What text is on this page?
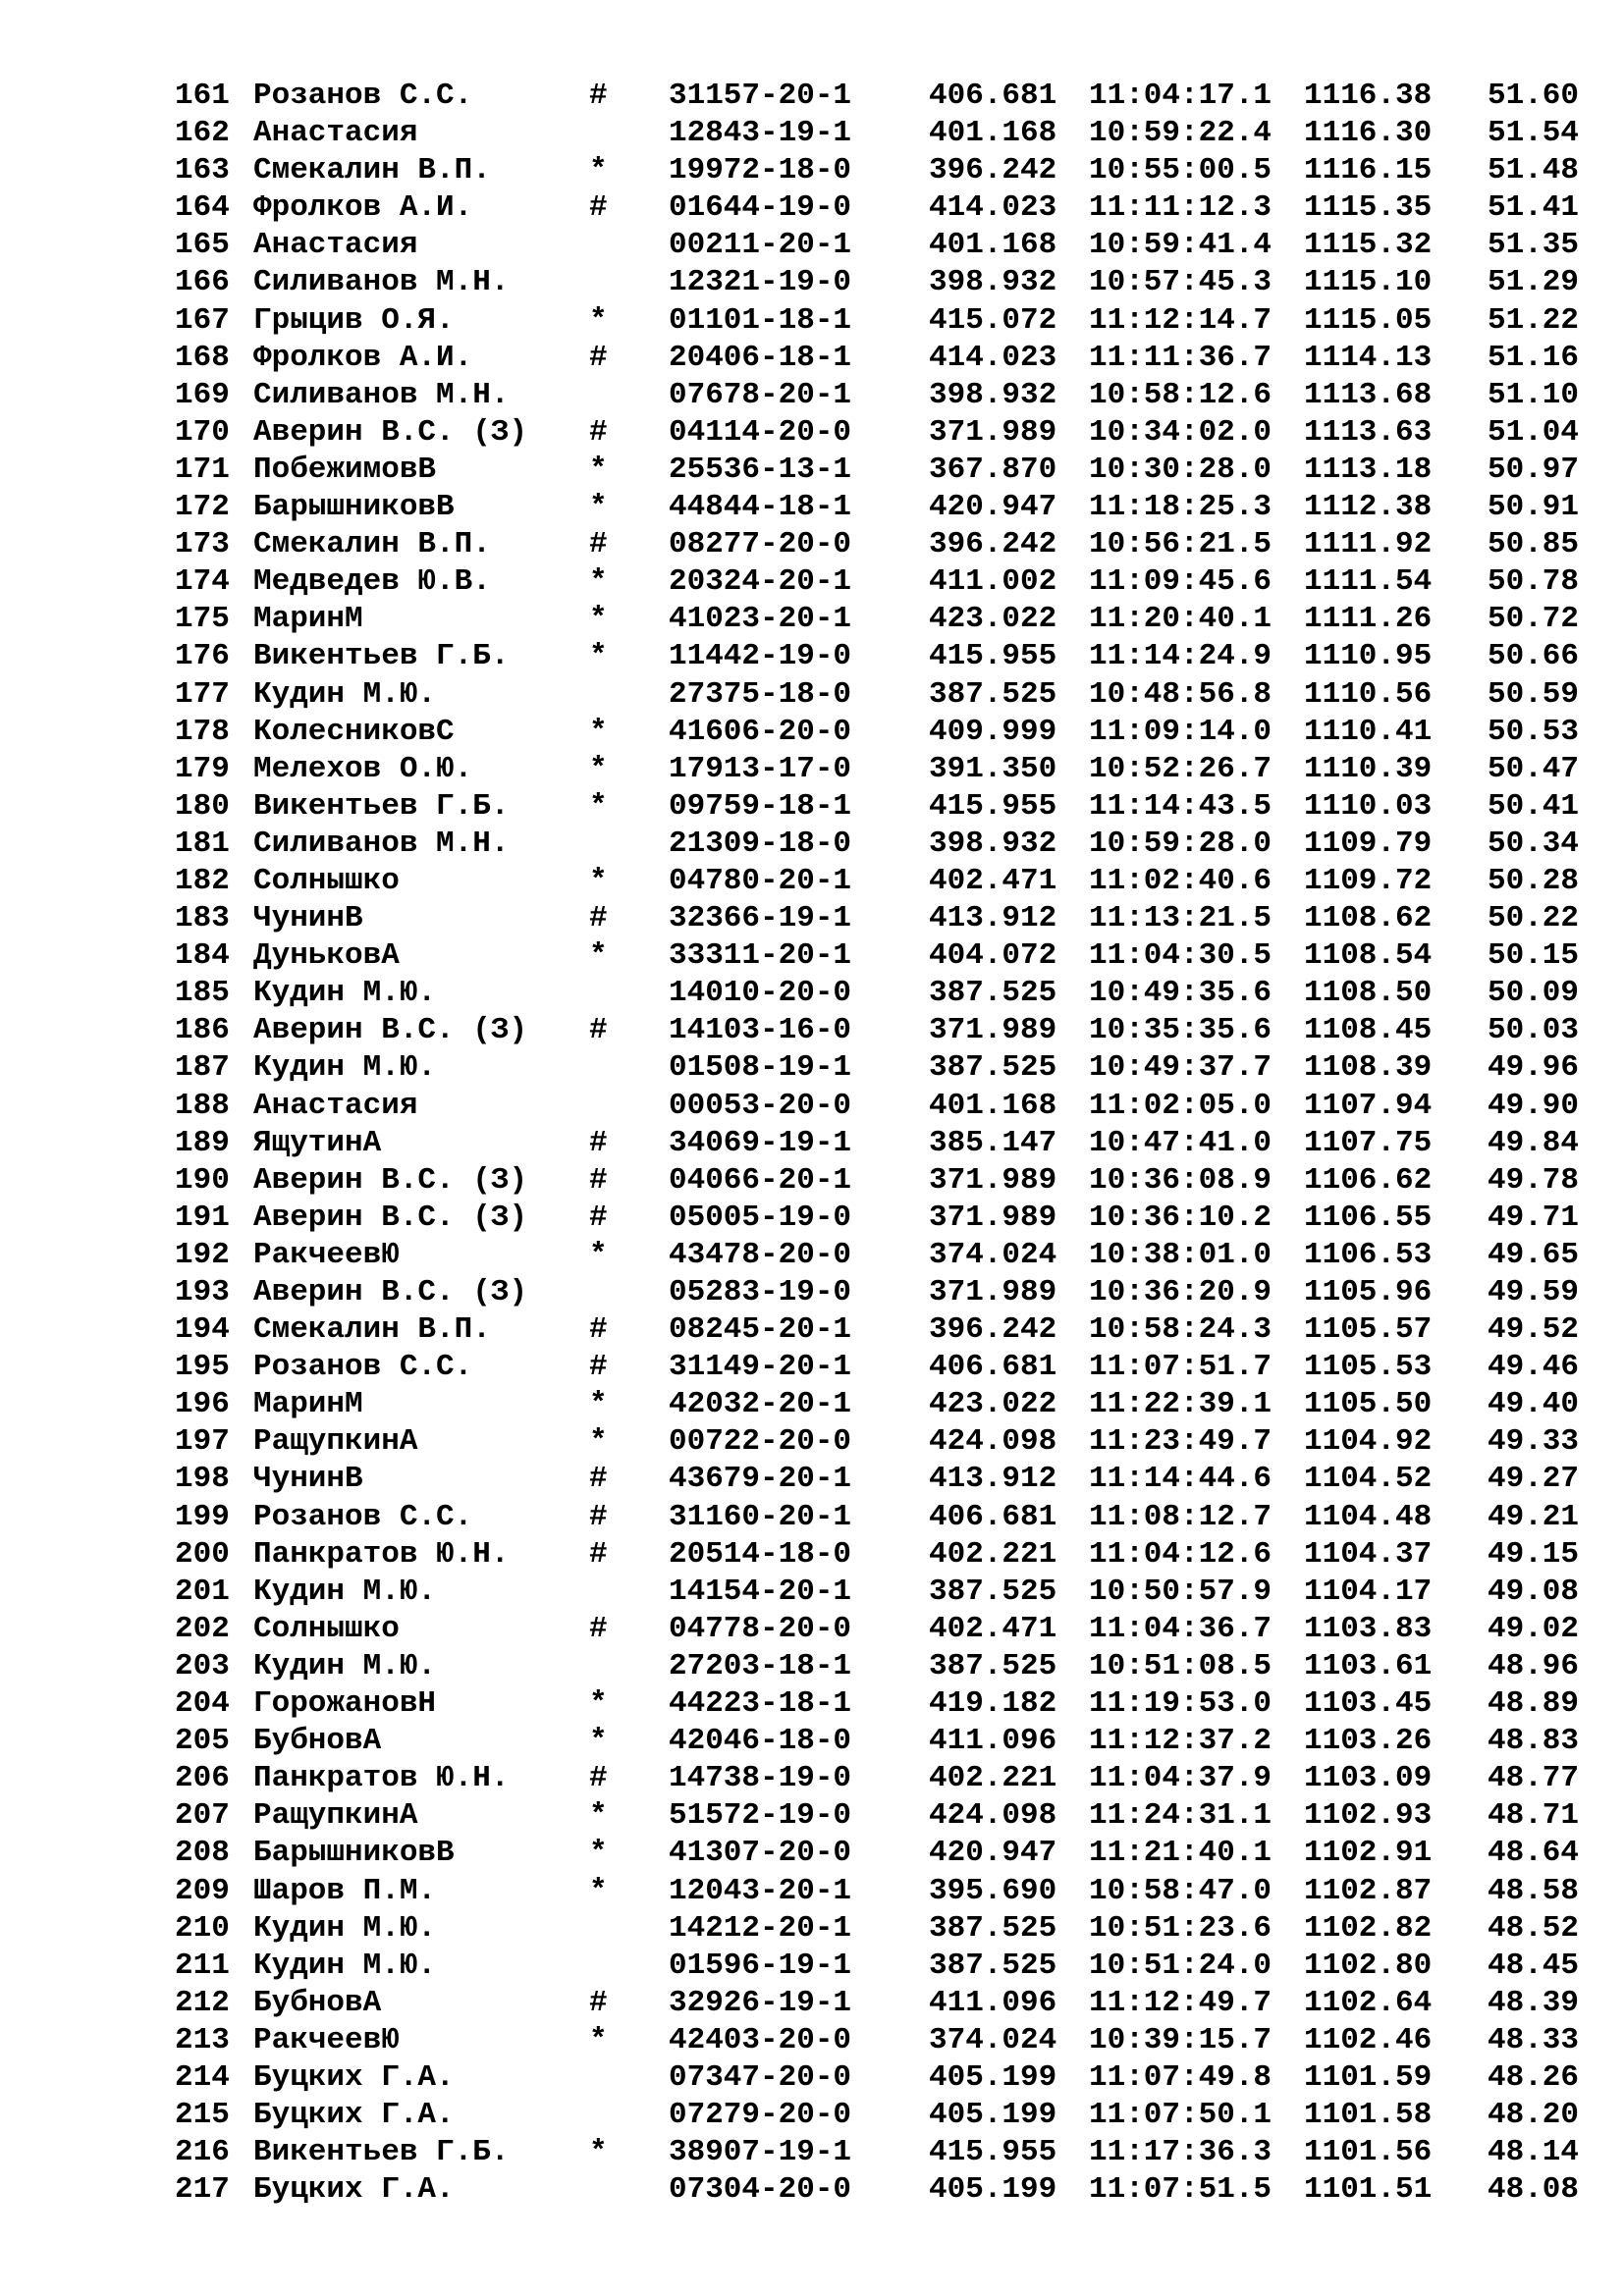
161 Розанов С.С.	# 31157-20-1	406.681 11:04:17.1 1116.38 51.60
162 Анастасия	12843-19-1	401.168 10:59:22.4 1116.30 51.54
163 Смекалин В.П.	* 19972-18-0	396.242 10:55:00.5 1116.15 51.48
164 Фролков А.И.	# 01644-19-0	414.023 11:11:12.3 1115.35 51.41
165 Анастасия	00211-20-1	401.168 10:59:41.4 1115.32 51.35
166 Силиванов М.Н.	12321-19-0	398.932 10:57:45.3 1115.10 51.29
167 Грыцив О.Я.	* 01101-18-1	415.072 11:12:14.7 1115.05 51.22
168 Фролков А.И.	# 20406-18-1	414.023 11:11:36.7 1114.13 51.16
169 Силиванов М.Н.	07678-20-1	398.932 10:58:12.6 1113.68 51.10
170 Аверин В.С. (З) # 04114-20-0	371.989 10:34:02.0 1113.63 51.04
171 ПобежимовВ	* 25536-13-1	367.870 10:30:28.0 1113.18 50.97
172 БарышниковВ	* 44844-18-1	420.947 11:18:25.3 1112.38 50.91
173 Смекалин В.П.	# 08277-20-0	396.242 10:56:21.5 1111.92 50.85
174 Медведев Ю.В.	* 20324-20-1	411.002 11:09:45.6 1111.54 50.78
175 МаринМ	* 41023-20-1	423.022 11:20:40.1 1111.26 50.72
176 Викентьев Г.Б.	* 11442-19-0	415.955 11:14:24.9 1110.95 50.66
177 Кудин М.Ю.	27375-18-0	387.525 10:48:56.8 1110.56 50.59
178 КолесниковС	* 41606-20-0	409.999 11:09:14.0 1110.41 50.53
179 Мелехов О.Ю.	* 17913-17-0	391.350 10:52:26.7 1110.39 50.47
180 Викентьев Г.Б.	* 09759-18-1	415.955 11:14:43.5 1110.03 50.41
181 Силиванов М.Н.	21309-18-0	398.932 10:59:28.0 1109.79 50.34
182 Солнышко	* 04780-20-1	402.471 11:02:40.6 1109.72 50.28
183 ЧунинВ	# 32366-19-1	413.912 11:13:21.5 1108.62 50.22
184 ДуньковА	* 33311-20-1	404.072 11:04:30.5 1108.54 50.15
185 Кудин М.Ю.	14010-20-0	387.525 10:49:35.6 1108.50 50.09
186 Аверин В.С. (З) # 14103-16-0	371.989 10:35:35.6 1108.45 50.03
187 Кудин М.Ю.	01508-19-1	387.525 10:49:37.7 1108.39 49.96
188 Анастасия	00053-20-0	401.168 11:02:05.0 1107.94 49.90
189 ЯщутинА	# 34069-19-1	385.147 10:47:41.0 1107.75 49.84
190 Аверин В.С. (З) # 04066-20-1	371.989 10:36:08.9 1106.62 49.78
191 Аверин В.С. (З) # 05005-19-0	371.989 10:36:10.2 1106.55 49.71
192 РакчеевЮ	* 43478-20-0	374.024 10:38:01.0 1106.53 49.65
193 Аверин В.С. (З)	05283-19-0	371.989 10:36:20.9 1105.96 49.59
194 Смекалин В.П.	# 08245-20-1	396.242 10:58:24.3 1105.57 49.52
195 Розанов С.С.	# 31149-20-1	406.681 11:07:51.7 1105.53 49.46
196 МаринМ	* 42032-20-1	423.022 11:22:39.1 1105.50 49.40
197 РащупкинА	* 00722-20-0	424.098 11:23:49.7 1104.92 49.33
198 ЧунинВ	# 43679-20-1	413.912 11:14:44.6 1104.52 49.27
199 Розанов С.С.	# 31160-20-1	406.681 11:08:12.7 1104.48 49.21
200 Панкратов Ю.Н.	# 20514-18-0	402.221 11:04:12.6 1104.37 49.15
201 Кудин М.Ю.	14154-20-1	387.525 10:50:57.9 1104.17 49.08
202 Солнышко	# 04778-20-0	402.471 11:04:36.7 1103.83 49.02
203 Кудин М.Ю.	27203-18-1	387.525 10:51:08.5 1103.61 48.96
204 ГорожановН	* 44223-18-1	419.182 11:19:53.0 1103.45 48.89
205 БубновА	* 42046-18-0	411.096 11:12:37.2 1103.26 48.83
206 Панкратов Ю.Н.	# 14738-19-0	402.221 11:04:37.9 1103.09 48.77
207 РащупкинА	* 51572-19-0	424.098 11:24:31.1 1102.93 48.71
208 БарышниковВ	* 41307-20-0	420.947 11:21:40.1 1102.91 48.64
209 Шаров П.М.	* 12043-20-1	395.690 10:58:47.0 1102.87 48.58
210 Кудин М.Ю.	14212-20-1	387.525 10:51:23.6 1102.82 48.52
211 Кудин М.Ю.	01596-19-1	387.525 10:51:24.0 1102.80 48.45
212 БубновА	# 32926-19-1	411.096 11:12:49.7 1102.64 48.39
213 РакчеевЮ	* 42403-20-0	374.024 10:39:15.7 1102.46 48.33
214 Буцких Г.А.	07347-20-0	405.199 11:07:49.8 1101.59 48.26
215 Буцких Г.А.	07279-20-0	405.199 11:07:50.1 1101.58 48.20
216 Викентьев Г.Б.	* 38907-19-1	415.955 11:17:36.3 1101.56 48.14
217 Буцких Г.А.	07304-20-0	405.199 11:07:51.5 1101.51 48.08
